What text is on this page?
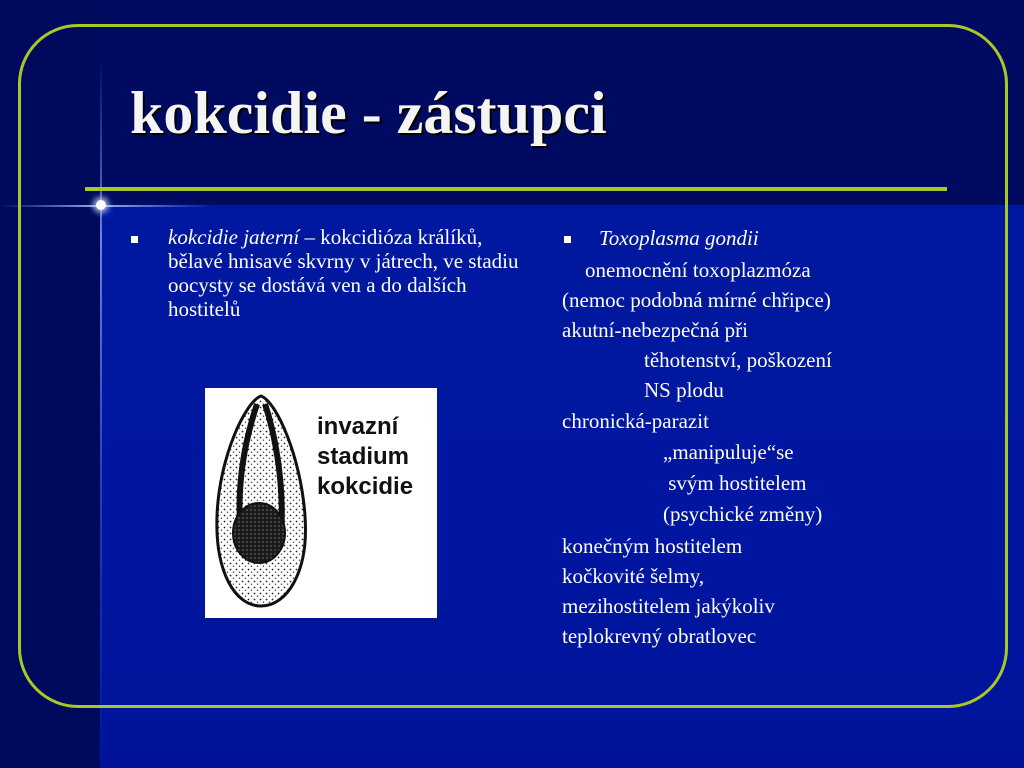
kokcidie - zástupci
kokcidie jaterní – kokcidióza králíků, bělavé hnisavé skvrny v játrech, ve stadiu oocysty se dostává ven a do dalších hostitelů
invazní
stadium
kokcidie
Toxoplasma gondii
onemocnění toxoplazmóza
(nemoc podobná mírné chřipce)
akutní-nebezpečná při
těhotenství, poškození
NS plodu
chronická-parazit
„manipuluje“se
svým hostitelem
(psychické změny)
konečným hostitelem
kočkovité šelmy,
mezihostitelem jakýkoliv
teplokrevný obratlovec
